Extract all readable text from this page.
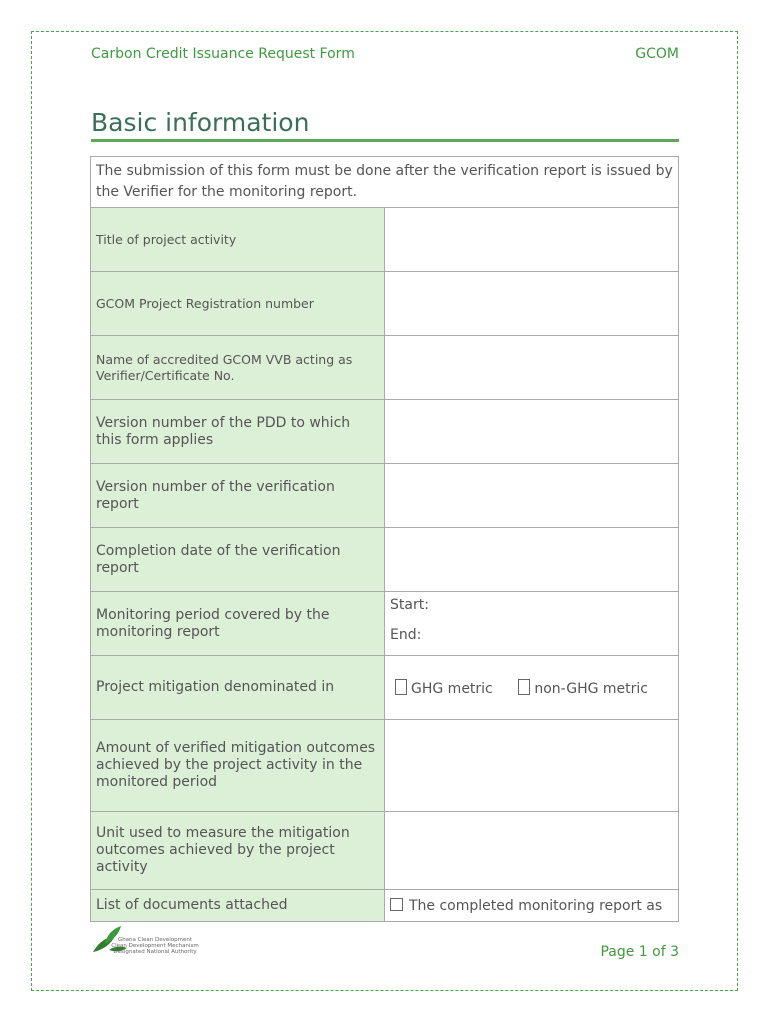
Carbon Credit Issuance Request Form	GCOM
Basic information
The submission of this form must be done after the verification report is issued by the Verifier for the monitoring report.	
Title of project activity	
GCOM Project Registration number	
Name of accredited GCOM VVB acting as Verifier/Certificate No.	
Version number of the PDD to which this form applies	
Version number of the verification report	
Completion date of the verification report	
Monitoring period covered by the monitoring report	Start:
End:

Project mitigation denominated in	GHG metric non-GHG metric

Amount of verified mitigation outcomes achieved by the project activity in the monitored period	
Unit used to measure the mitigation outcomes achieved by the project activity	
List of documents attached	The completed monitoring report as
Ghana Clean Development
Clean Development Mechanism
Designated National Authority	Page 1 of 3
